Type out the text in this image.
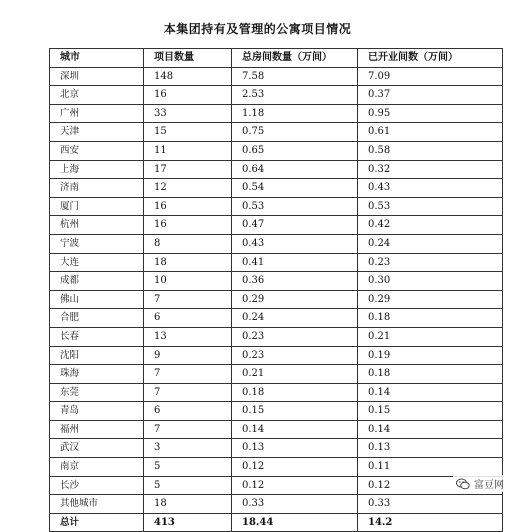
本集团持有及管理的公寓项目情况
城市	项目数量	总房间数量（万间）	已开业间数（万间）
深圳	148	7.58	7.09
北京	16	2.53	0.37
广州	33	1.18	0.95
天津	15	0.75	0.61
西安	11	0.65	0.58
上海	17	0.64	0.32
济南	12	0.54	0.43
厦门	16	0.53	0.53
杭州	16	0.47	0.42
宁波	8	0.43	0.24
大连	18	0.41	0.23
成都	10	0.36	0.30
佛山	7	0.29	0.29
合肥	6	0.24	0.18
长春	13	0.23	0.21
沈阳	9	0.23	0.19
珠海	7	0.21	0.18
东莞	7	0.18	0.14
青岛	6	0.15	0.15
福州	7	0.14	0.14
武汉	3	0.13	0.13
南京	5	0.12	0.11
长沙	5	0.12	0.12
其他城市	18	0.33	0.33
总计	413	18.44	14.2
富豆网
